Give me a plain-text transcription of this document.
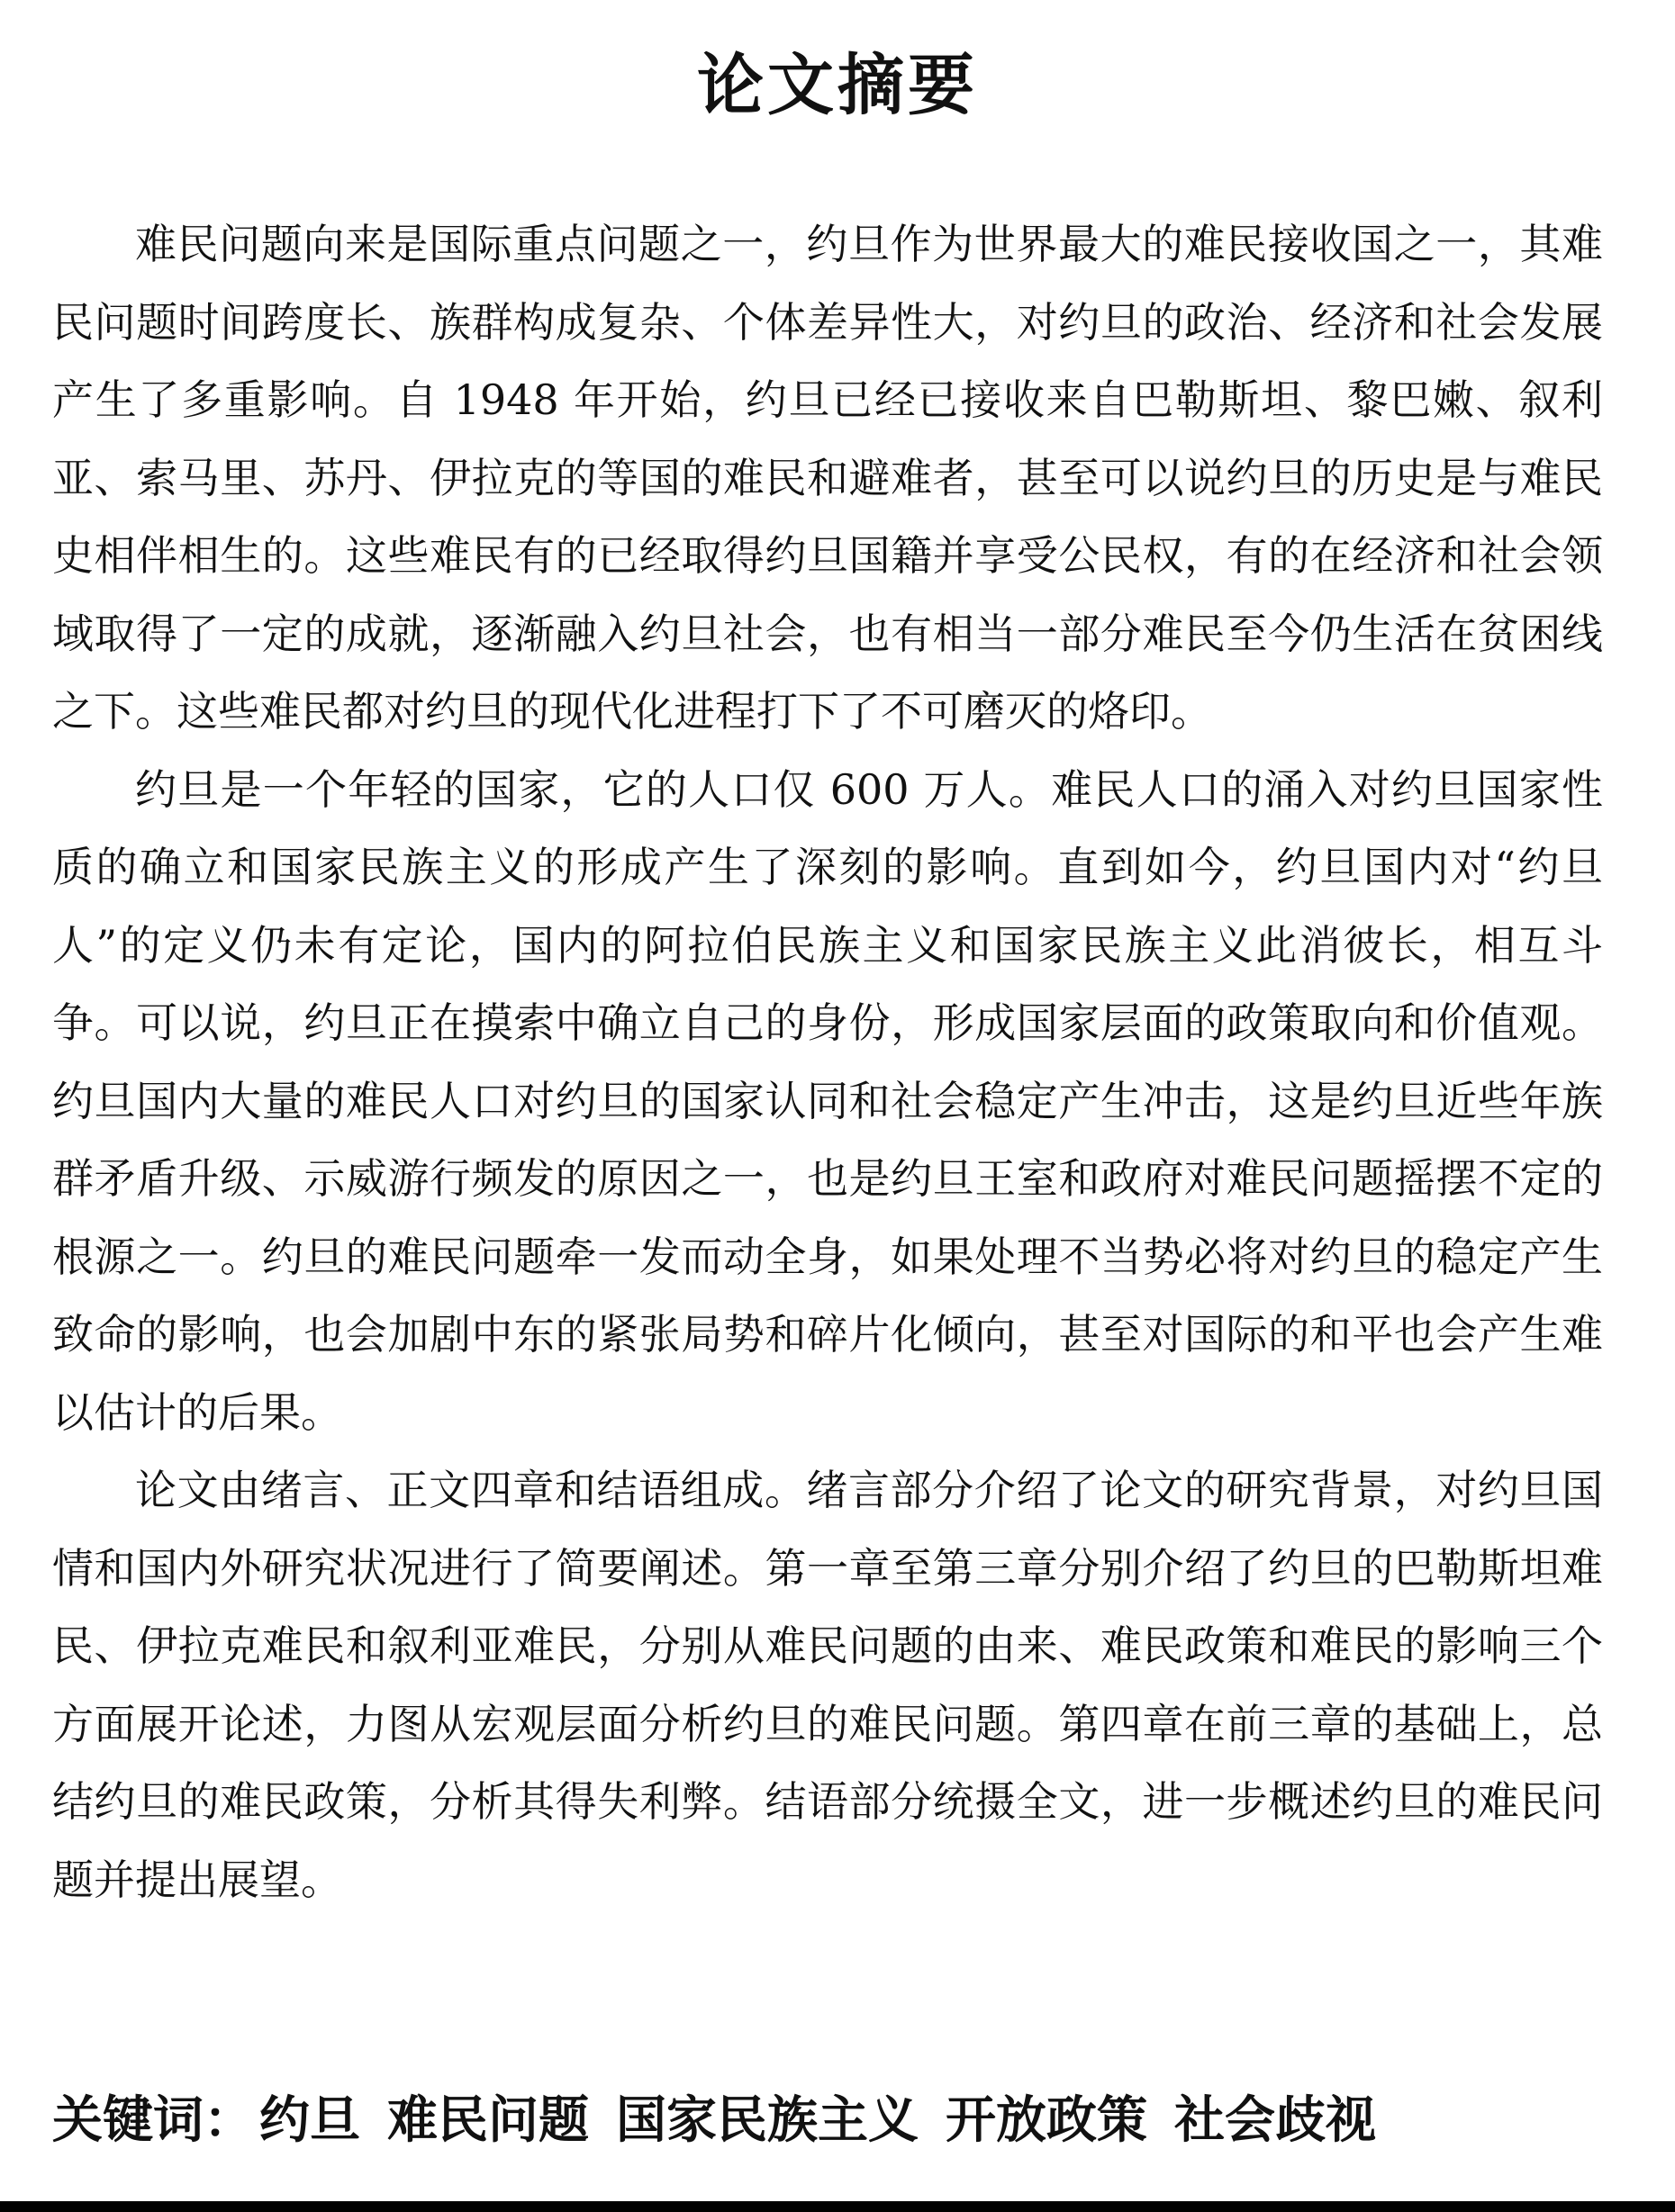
论文摘要

难民问题向来是国际重点问题之一，约旦作为世界最大的难民接收国之一，其难民问题时间跨度长、族群构成复杂、个体差异性大，对约旦的政治、经济和社会发展产生了多重影响。自 1948 年开始，约旦已经已接收来自巴勒斯坦、黎巴嫩、叙利亚、索马里、苏丹、伊拉克的等国的难民和避难者，甚至可以说约旦的历史是与难民史相伴相生的。这些难民有的已经取得约旦国籍并享受公民权，有的在经济和社会领域取得了一定的成就，逐渐融入约旦社会，也有相当一部分难民至今仍生活在贫困线之下。这些难民都对约旦的现代化进程打下了不可磨灭的烙印。

约旦是一个年轻的国家，它的人口仅 600 万人。难民人口的涌入对约旦国家性质的确立和国家民族主义的形成产生了深刻的影响。直到如今，约旦国内对“约旦人”的定义仍未有定论，国内的阿拉伯民族主义和国家民族主义此消彼长，相互斗争。可以说，约旦正在摸索中确立自己的身份，形成国家层面的政策取向和价值观。约旦国内大量的难民人口对约旦的国家认同和社会稳定产生冲击，这是约旦近些年族群矛盾升级、示威游行频发的原因之一，也是约旦王室和政府对难民问题摇摆不定的根源之一。约旦的难民问题牵一发而动全身，如果处理不当势必将对约旦的稳定产生致命的影响，也会加剧中东的紧张局势和碎片化倾向，甚至对国际的和平也会产生难以估计的后果。

论文由绪言、正文四章和结语组成。绪言部分介绍了论文的研究背景，对约旦国情和国内外研究状况进行了简要阐述。第一章至第三章分别介绍了约旦的巴勒斯坦难民、伊拉克难民和叙利亚难民，分别从难民问题的由来、难民政策和难民的影响三个方面展开论述，力图从宏观层面分析约旦的难民问题。第四章在前三章的基础上，总结约旦的难民政策，分析其得失利弊。结语部分统摄全文，进一步概述约旦的难民问题并提出展望。

关键词： 约旦 难民问题 国家民族主义 开放政策 社会歧视
